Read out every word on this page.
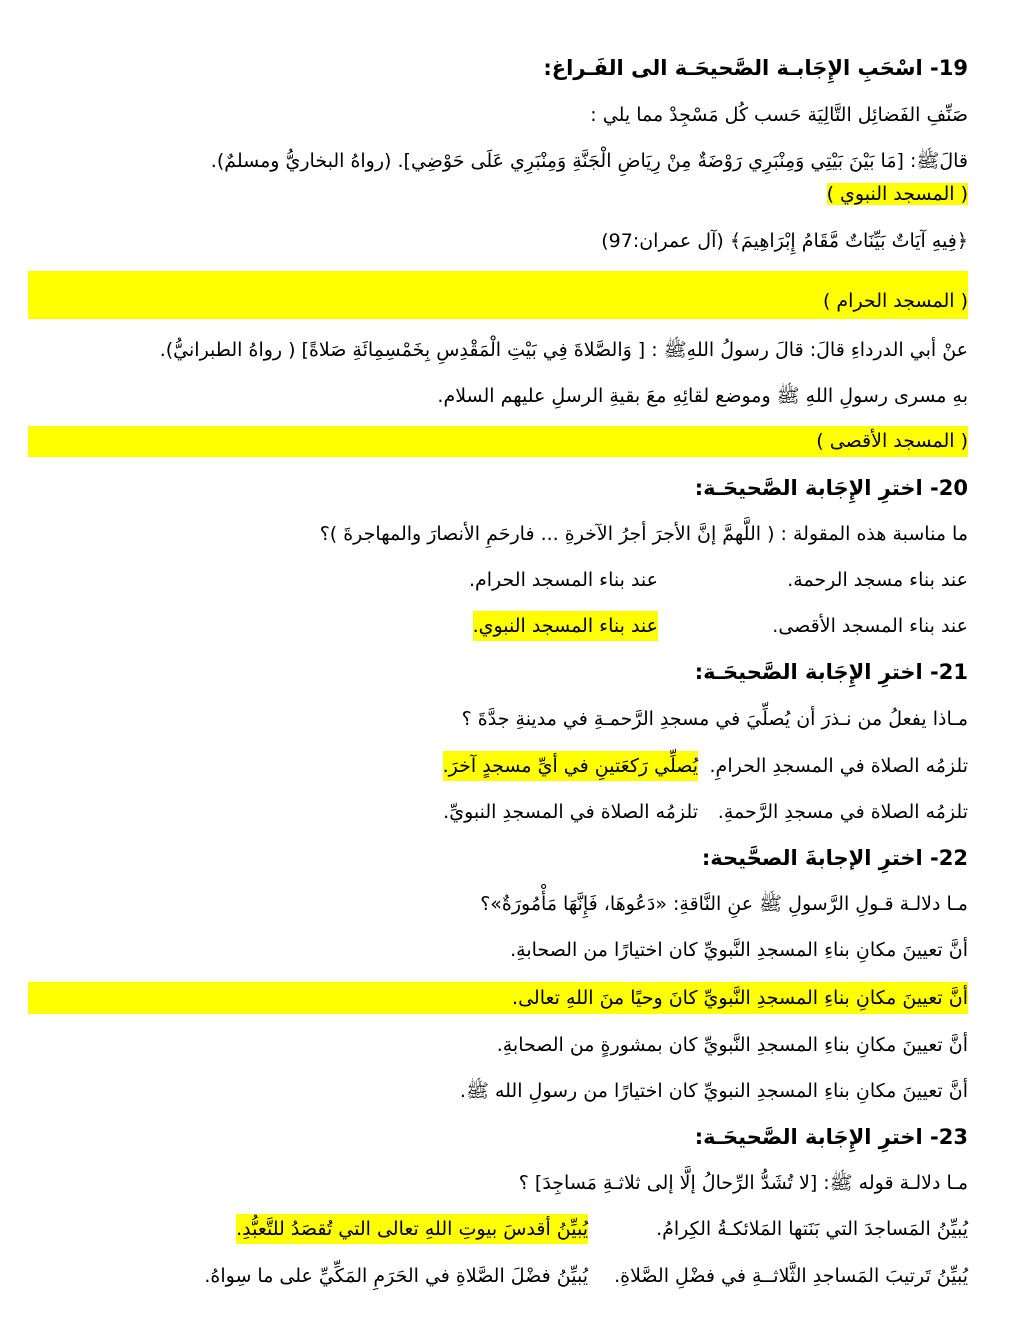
19- اسْحَبِ الإِجَابـة الصَّحيحَـة الى الفَـراغ:
صَنِّفِ الفَضائِل التَّالِيَة حَسب كُل مَسْجِدْ مما يلي :
قالَﷺ: [مَا بَيْنَ بَيْتِي وَمِنْبَرِي رَوْضَةٌ مِنْ رِيَاضِ الْجَنَّةِ وَمِنْبَرِي عَلَى حَوْضِي]. (رواهُ البخاريُّ ومسلمٌ).
( المسجد النبوي )
﴿فِيهِ آيَاتٌ بَيِّنَاتٌ مَّقَامُ إِبْرَاهِيمَ﴾ (آل عمران:97)
( المسجد الحرام )
عنْ أبي الدرداءِ قالَ: قالَ رسولُ اللهِﷺ : [ وَالصَّلاةَ فِي بَيْتِ الْمَقْدِسِ بِخَمْسِمِائَةِ صَلاةً] ( رواهُ الطبرانيُّ).
بهِ مسرى رسولِ اللهِ ﷺ وموضع لقائِهِ معَ بقيةِ الرسلِ عليهم السلام.
( المسجد الأقصى )
20- اخترِ الإِجَابة الصَّحيحَـة:
ما مناسبة هذه المقولة : ( اللَّهمَّ إنَّ الأجرَ أجرُ الآخرةِ ... فارحَمِ الأنصارَ والمهاجرةَ )؟
عند بناء مسجد الرحمة.عند بناء المسجد الحرام.
عند بناء المسجد الأقصى.عند بناء المسجد النبوي.
21- اخترِ الإِجَابة الصَّحيحَـة:
مـاذا يفعلُ من نـذرَ أن يُصلِّيَ في مسجدِ الرَّحمـةِ في مدينةِ جدَّةَ ؟
تلزمُه الصلاة في المسجدِ الحرامِ.يُصلِّي رَكعَتينِ في أيِّ مسجدٍ آخرَ.
تلزمُه الصلاة في مسجدِ الرَّحمةِ.تلزمُه الصلاة في المسجدِ النبويِّ.
22- اخترِ الإجابةَ الصحَّيحة:
مـا دلالـة قـولِ الرَّسولِ ﷺ عنِ النَّاقةِ: «دَعُوهَا، فَإِنَّهَا مَأْمُورَةٌ»؟
أنَّ تعيينَ مكانِ بناءِ المسجدِ النَّبويِّ كان اختيارًا من الصحابةِ.
أنَّ تعيينَ مكانِ بناءِ المسجدِ النَّبويِّ كانَ وحيًا منَ اللهِ تعالى.
أنَّ تعيينَ مكانِ بناءِ المسجدِ النَّبويِّ كان بمشورةٍ من الصحابةِ.
أنَّ تعيينَ مكانِ بناءِ المسجدِ النبويِّ كان اختيارًا من رسولِ الله ﷺ.
23- اخترِ الإِجَابة الصَّحيحَـة:
مـا دلالـة قوله ﷺ: [لا تُشَدُّ الرِّحالُ إلَّا إلى ثلاثـةِ مَساجِدَ] ؟
يُبيِّنُ المَساجدَ التي بَنَتها المَلائكـةُ الكِرامُ.يُبيِّنُ أقدسَ بيوتِ اللهِ تعالى التي تُقصَدُ للتَّعبُّدِ.
يُبيِّنُ تَرتيبَ المَساجدِ الثَّلاثــةِ في فضْلِ الصَّلاةِ.يُبيِّنُ فضْلَ الصَّلاةِ في الحَرَمِ المَكِّيِّ على ما سِواهُ.
